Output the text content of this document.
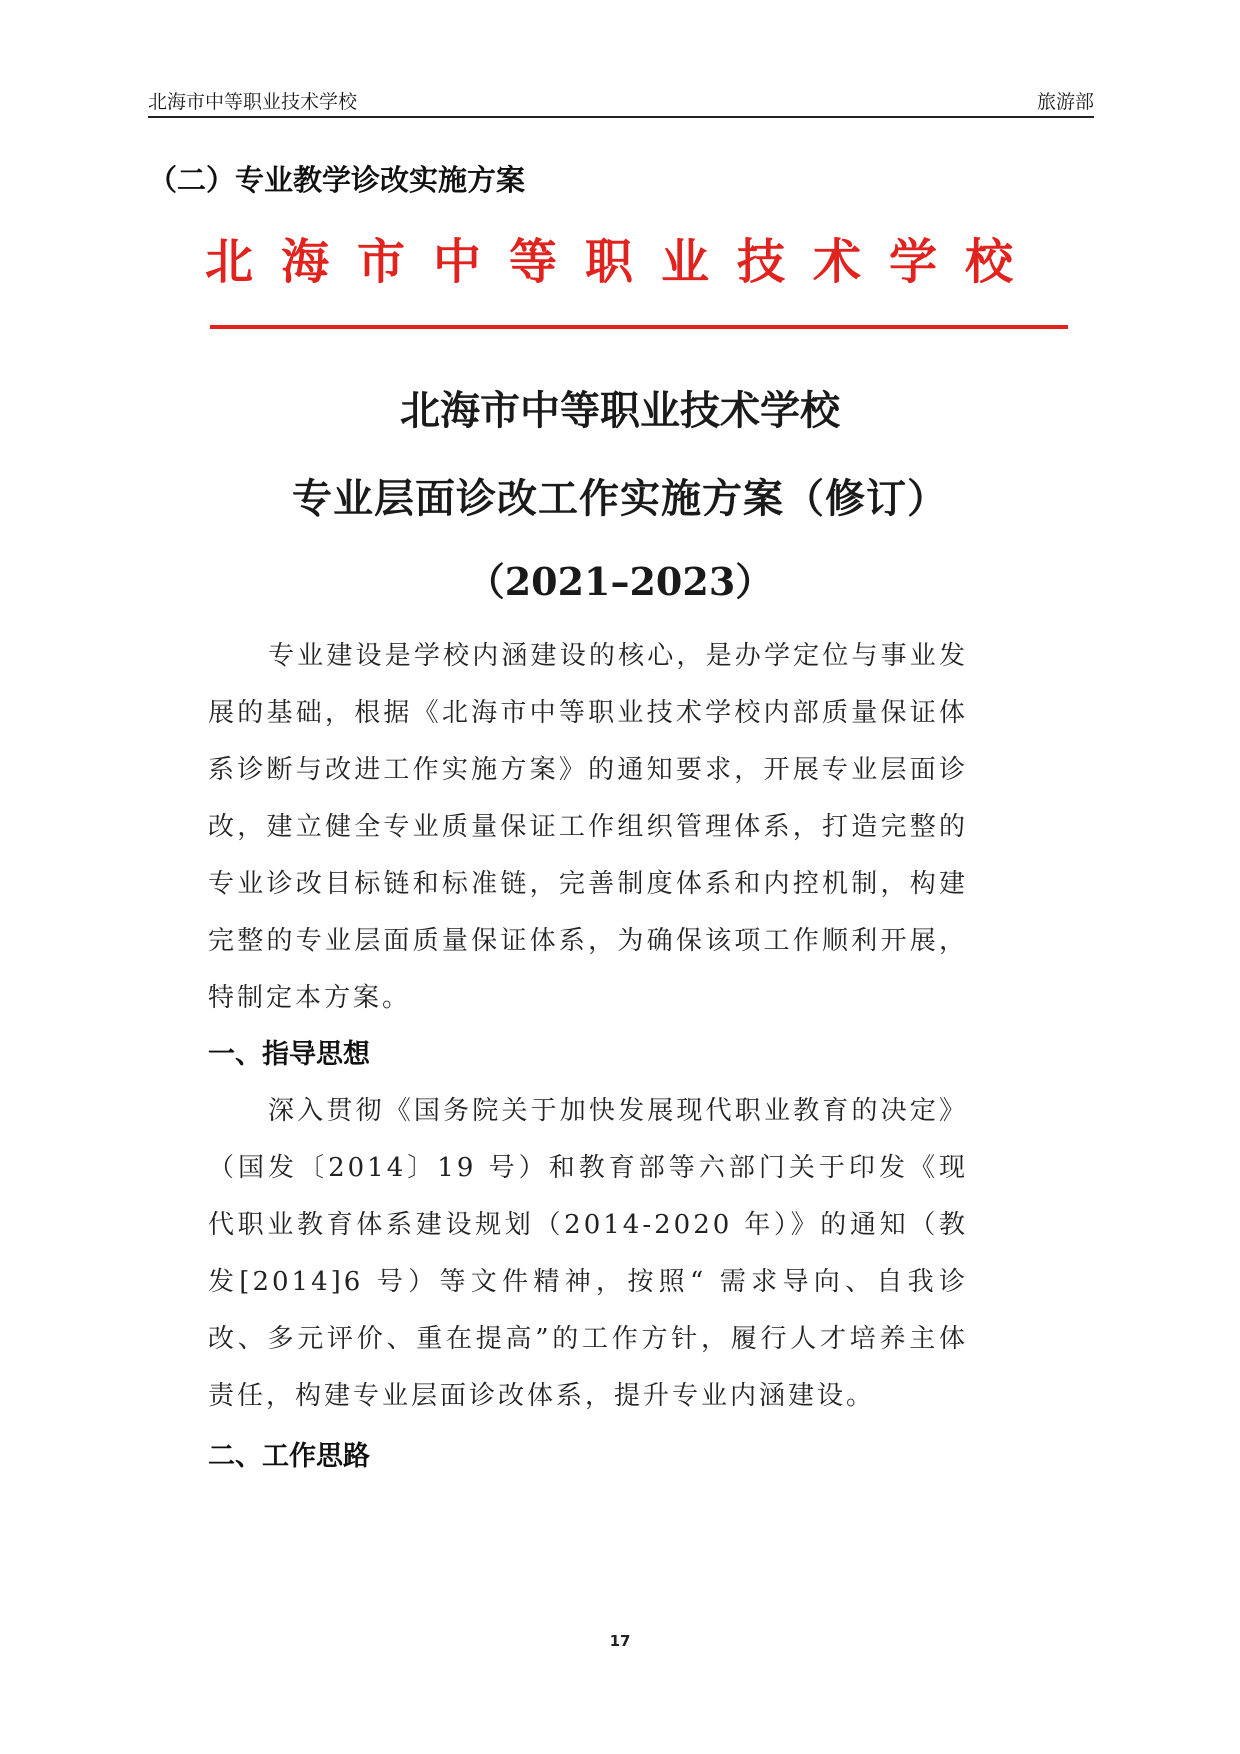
北海市中等职业技术学校	旅游部
（二）专业教学诊改实施方案
北海市中等职业技术学校
北海市中等职业技术学校
专业层面诊改工作实施方案（修订）
（2021–2023）
专业建设是学校内涵建设的核心，是办学定位与事业发展的基础，根据《北海市中等职业技术学校内部质量保证体系诊断与改进工作实施方案》的通知要求，开展专业层面诊改，建立健全专业质量保证工作组织管理体系，打造完整的专业诊改目标链和标准链，完善制度体系和内控机制，构建完整的专业层面质量保证体系，为确保该项工作顺利开展，特制定本方案。
一、指导思想
深入贯彻《国务院关于加快发展现代职业教育的决定》（国发〔2014〕19 号）和教育部等六部门关于印发《现代职业教育体系建设规划（2014-2020 年）》的通知（教发[2014]6 号）等文件精神，按照“ 需求导向、自我诊改、多元评价、重在提高”的工作方针，履行人才培养主体责任，构建专业层面诊改体系，提升专业内涵建设。
二、工作思路
17
